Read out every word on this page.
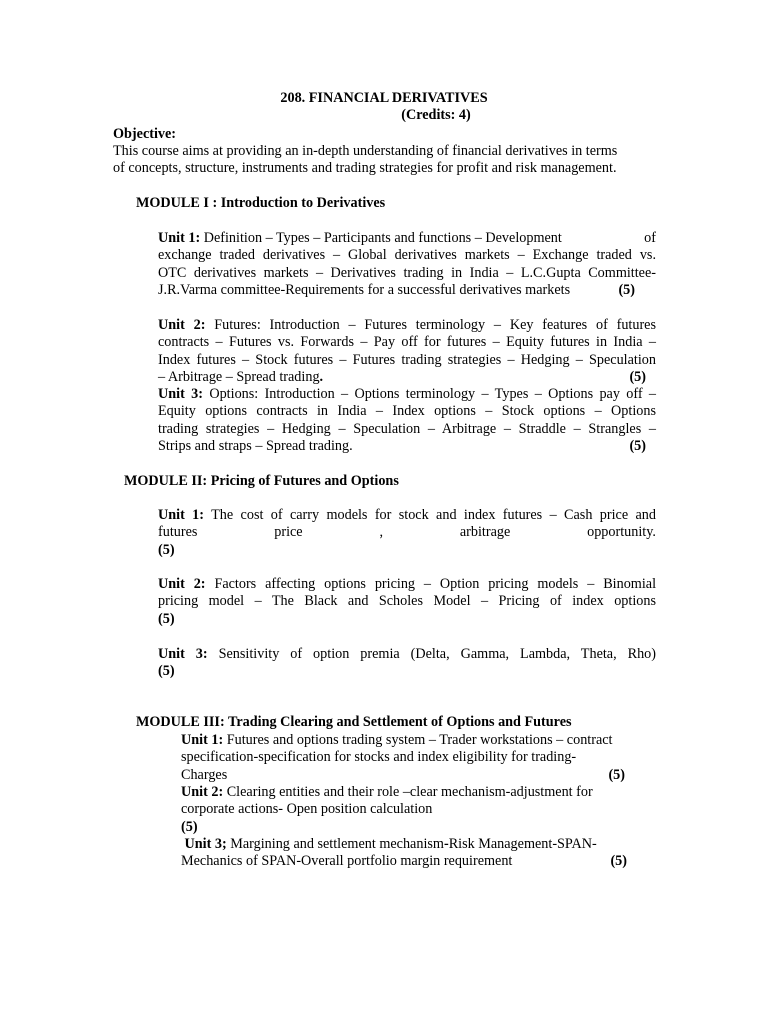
208. FINANCIAL DERIVATIVES
(Credits: 4)
Objective:
This course aims at providing an in-depth understanding of financial derivatives in terms
of concepts, structure, instruments and trading strategies for profit and risk management.
MODULE I : Introduction to Derivatives
Unit 1: Definition – Types – Participants and functions – Development	of
exchange traded derivatives – Global derivatives markets – Exchange traded vs.
OTC derivatives markets – Derivatives trading in India – L.C.Gupta Committee-
J.R.Varma committee-Requirements for a successful derivatives markets	(5)
Unit 2: Futures: Introduction – Futures terminology – Key features of futures
contracts – Futures vs. Forwards – Pay off for futures – Equity futures in India –
Index futures – Stock futures – Futures trading strategies – Hedging – Speculation
– Arbitrage – Spread trading.	(5)
Unit 3: Options: Introduction – Options terminology – Types – Options pay off –
Equity options contracts in India – Index options – Stock options – Options
trading strategies – Hedging – Speculation – Arbitrage – Straddle – Strangles –
Strips and straps – Spread trading.	(5)
MODULE II: Pricing of Futures and Options
Unit 1: The cost of carry models for stock and index futures – Cash price and
futures	price	,	arbitrage	opportunity.
(5)
Unit 2: Factors affecting options pricing – Option pricing models – Binomial
pricing model – The Black and Scholes Model – Pricing of index options
(5)
Unit 3: Sensitivity of option premia (Delta, Gamma, Lambda, Theta, Rho)
(5)
MODULE III: Trading Clearing and Settlement of Options and Futures
Unit 1: Futures and options trading system – Trader workstations – contract
specification-specification for stocks and index eligibility for trading-
Charges	(5)
Unit 2: Clearing entities and their role –clear mechanism-adjustment for
corporate actions- Open position calculation
(5)
Unit 3; Margining and settlement mechanism-Risk Management-SPAN-
Mechanics of SPAN-Overall portfolio margin requirement	(5)
